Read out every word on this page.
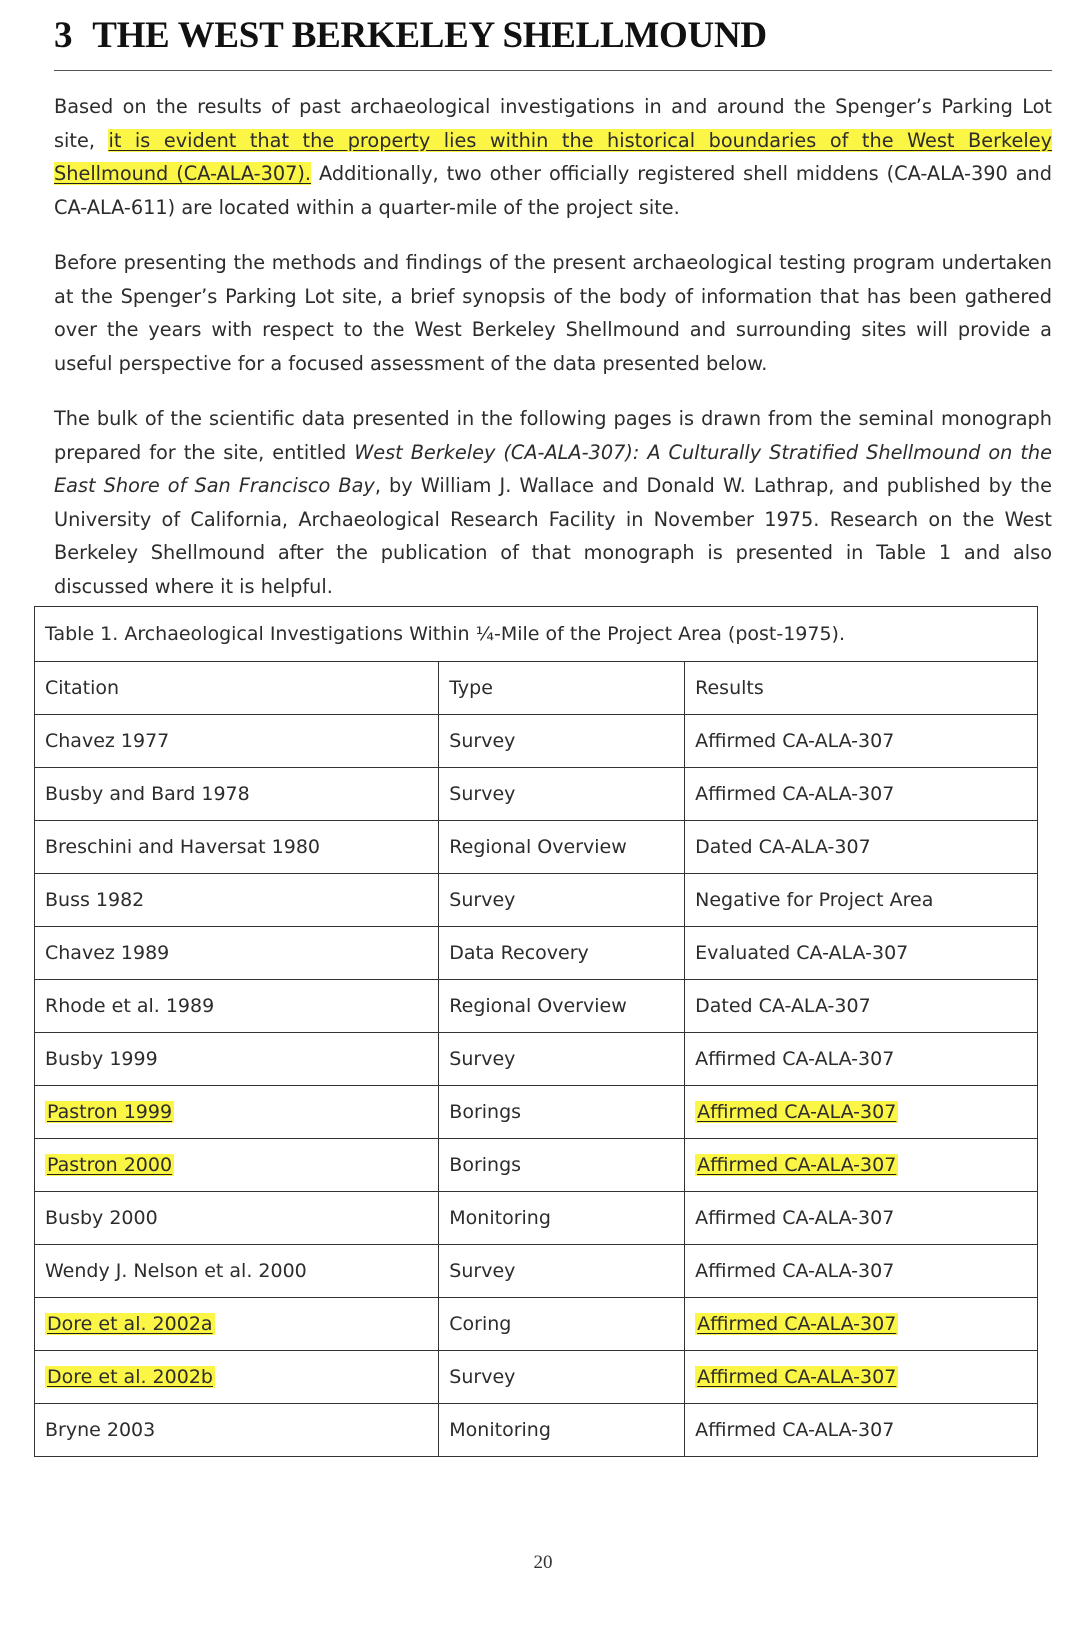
3 THE WEST BERKELEY SHELLMOUND

Based on the results of past archaeological investigations in and around the Spenger’s Parking Lot site, it is evident that the property lies within the historical boundaries of the West Berkeley Shellmound (CA-ALA-307). Additionally, two other officially registered shell middens (CA-ALA-390 and CA-ALA-611) are located within a quarter-mile of the project site.

Before presenting the methods and findings of the present archaeological testing program undertaken at the Spenger’s Parking Lot site, a brief synopsis of the body of information that has been gathered over the years with respect to the West Berkeley Shellmound and surrounding sites will provide a useful perspective for a focused assessment of the data presented below.

The bulk of the scientific data presented in the following pages is drawn from the seminal monograph prepared for the site, entitled West Berkeley (CA-ALA-307): A Culturally Stratified Shellmound on the East Shore of San Francisco Bay, by William J. Wallace and Donald W. Lathrap, and published by the University of California, Archaeological Research Facility in November 1975. Research on the West Berkeley Shellmound after the publication of that monograph is presented in Table 1 and also discussed where it is helpful.

Table 1. Archaeological Investigations Within ¼-Mile of the Project Area (post-1975).		
Citation	Type	Results
Chavez 1977	Survey	Affirmed CA-ALA-307
Busby and Bard 1978	Survey	Affirmed CA-ALA-307
Breschini and Haversat 1980	Regional Overview	Dated CA-ALA-307
Buss 1982	Survey	Negative for Project Area
Chavez 1989	Data Recovery	Evaluated CA-ALA-307
Rhode et al. 1989	Regional Overview	Dated CA-ALA-307
Busby 1999	Survey	Affirmed CA-ALA-307
Pastron 1999	Borings	Affirmed CA-ALA-307
Pastron 2000	Borings	Affirmed CA-ALA-307
Busby 2000	Monitoring	Affirmed CA-ALA-307
Wendy J. Nelson et al. 2000	Survey	Affirmed CA-ALA-307
Dore et al. 2002a	Coring	Affirmed CA-ALA-307
Dore et al. 2002b	Survey	Affirmed CA-ALA-307
Bryne 2003	Monitoring	Affirmed CA-ALA-307
20
